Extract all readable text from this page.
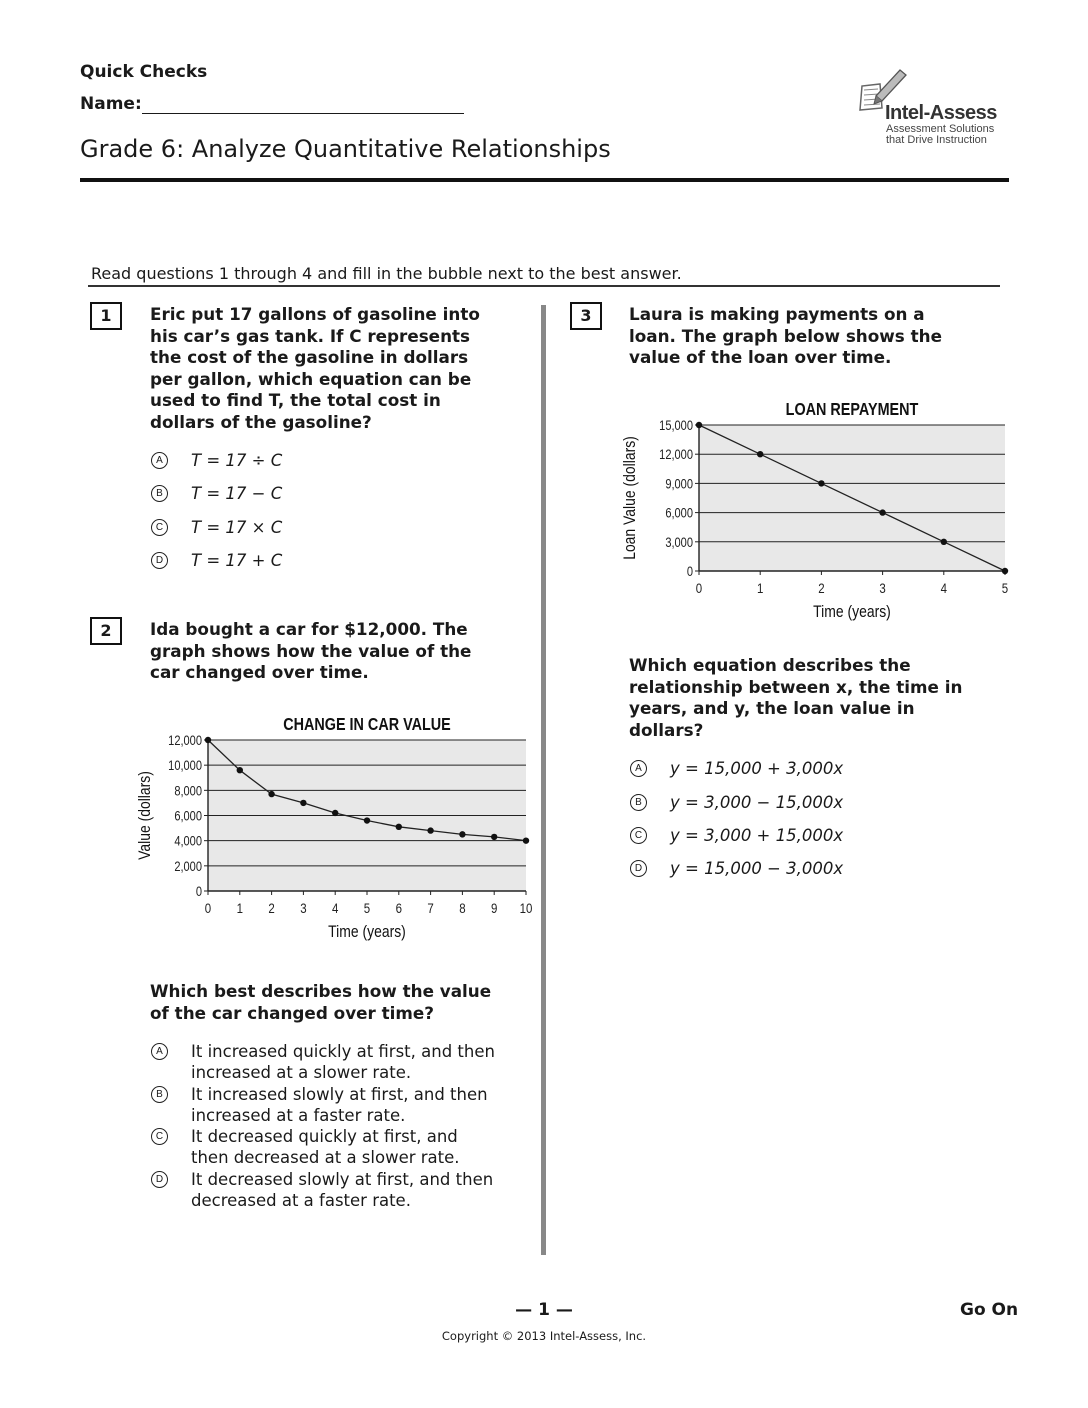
Quick Checks
Name:
Grade 6: Analyze Quantitative Relationships
Intel-Assess
Assessment Solutions
that Drive Instruction
Read questions 1 through 4 and fill in the bubble next to the best answer.
1	Eric put 17 gallons of gasoline into
his car’s gas tank. If C represents
the cost of the gasoline in dollars
per gallon, which equation can be
used to find T, the total cost in
dollars of the gasoline?
A	T = 17 ÷ C
B	T = 17 − C
C T = 17 × C
D T = 17 + C
2	Ida bought a car for $12,000. The
graph shows how the value of the
car changed over time.
0
2,000
4,000
6,000
8,000
10,000
12,000
0 1 2 3 4 5 6 7 8 9 10
CHANGE IN CAR VALUE
Time (years)
Value (dollars)
Which best describes how the value
of the car changed over time?
A	It increased quickly at first, and then
increased at a slower rate.
B	It increased slowly at first, and then
increased at a faster rate.
C It decreased quickly at first, and
then decreased at a slower rate.
D It decreased slowly at first, and then
decreased at a faster rate.
3	Laura is making payments on a
loan. The graph below shows the
value of the loan over time.
0
3,000
6,000
9,000
12,000
15,000
0	1	2	3	4	5
LOAN REPAYMENT
Time (years)
Loan Value (dollars)
Which equation describes the
relationship between x, the time in
years, and y, the loan value in
dollars?
A	y = 15,000 + 3,000x
B	y = 3,000 − 15,000x
C y = 3,000 + 15,000x
D y = 15,000 − 3,000x
— 1 —	Go On
Copyright © 2013 Intel-Assess, Inc.
